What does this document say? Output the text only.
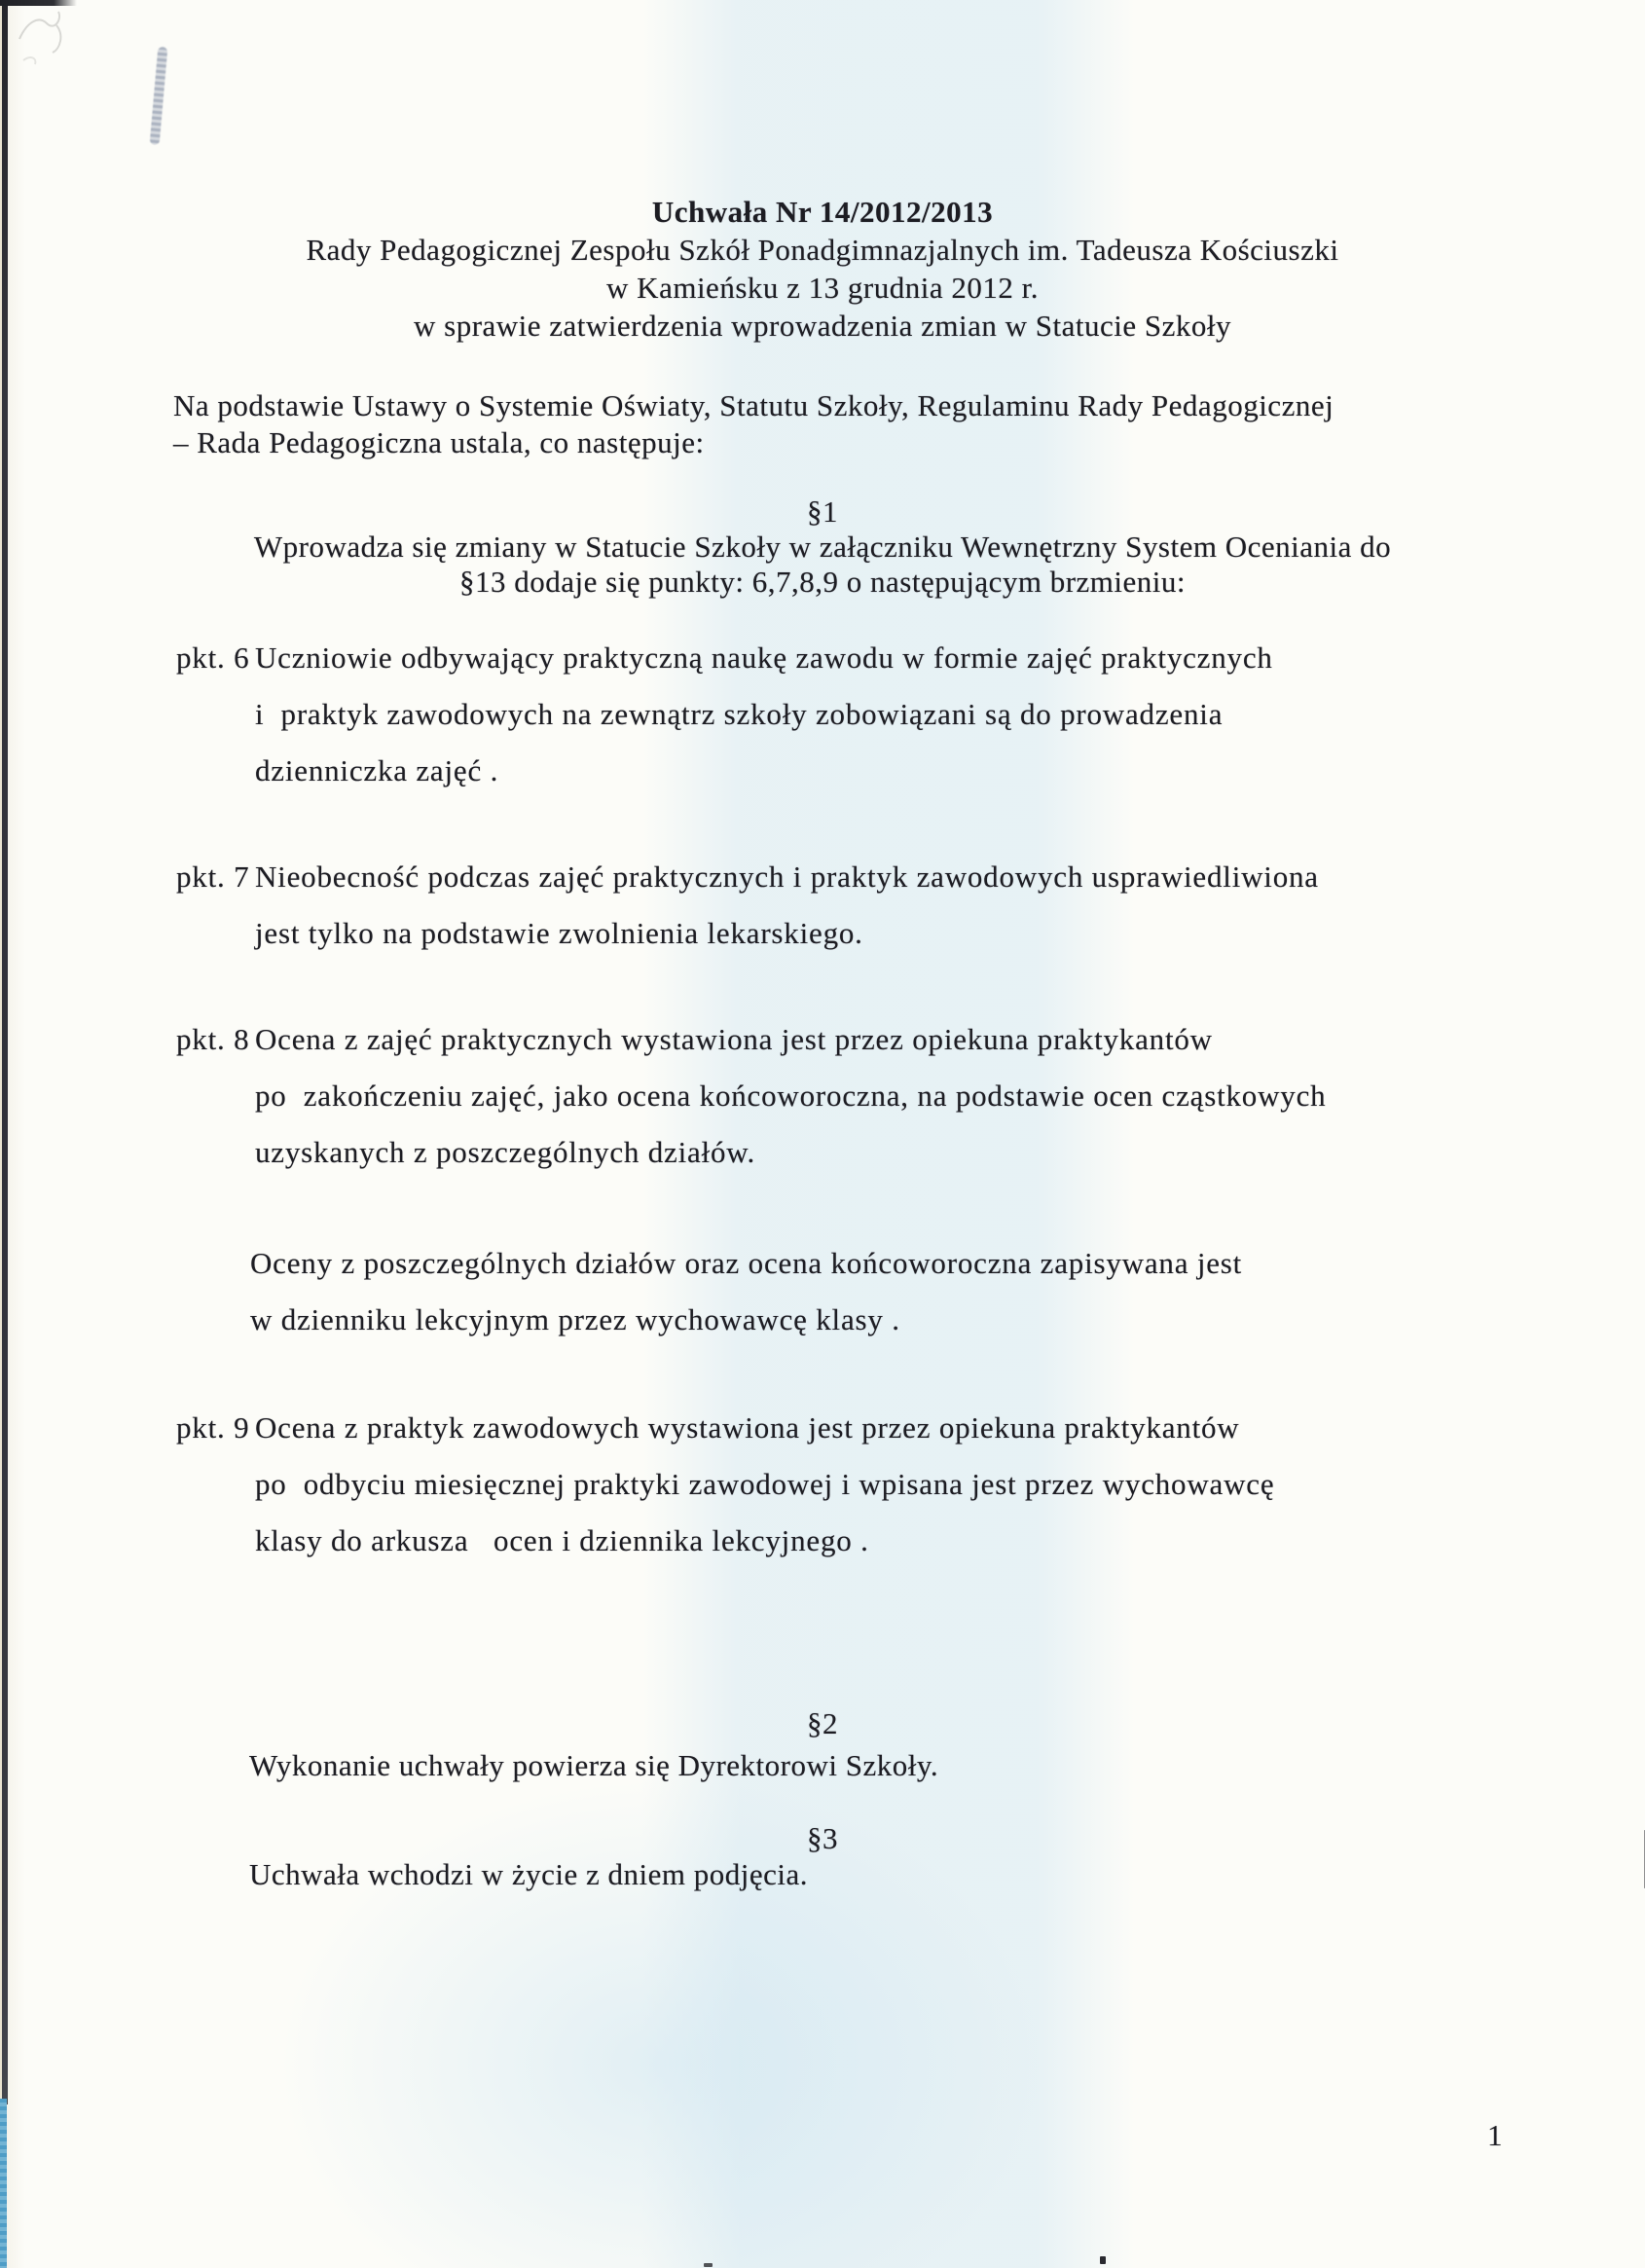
Uchwała Nr 14/2012/2013
Rady Pedagogicznej Zespołu Szkół Ponadgimnazjalnych im. Tadeusza Kościuszki
w Kamieńsku z 13 grudnia 2012 r.
w sprawie zatwierdzenia wprowadzenia zmian w Statucie Szkoły
Na podstawie Ustawy o Systemie Oświaty, Statutu Szkoły, Regulaminu Rady Pedagogicznej
– Rada Pedagogiczna ustala, co następuje:
§1
Wprowadza się zmiany w Statucie Szkoły w załączniku Wewnętrzny System Oceniania do
§13 dodaje się punkty: 6,7,8,9 o następującym brzmieniu:
pkt. 6 Uczniowie odbywający praktyczną naukę zawodu w formie zajęć praktycznych
i  praktyk zawodowych na zewnątrz szkoły zobowiązani są do prowadzenia
dzienniczka zajęć .
pkt. 7 Nieobecność podczas zajęć praktycznych i praktyk zawodowych usprawiedliwiona
jest tylko na podstawie zwolnienia lekarskiego.
pkt. 8 Ocena z zajęć praktycznych wystawiona jest przez opiekuna praktykantów
po  zakończeniu zajęć, jako ocena końcoworoczna, na podstawie ocen cząstkowych
uzyskanych z poszczególnych działów.
Oceny z poszczególnych działów oraz ocena końcoworoczna zapisywana jest
w dzienniku lekcyjnym przez wychowawcę klasy .
pkt. 9 Ocena z praktyk zawodowych wystawiona jest przez opiekuna praktykantów
po  odbyciu miesięcznej praktyki zawodowej i wpisana jest przez wychowawcę
klasy do arkusza   ocen i dziennika lekcyjnego .
§2
Wykonanie uchwały powierza się Dyrektorowi Szkoły.
§3
Uchwała wchodzi w życie z dniem podjęcia.
1
